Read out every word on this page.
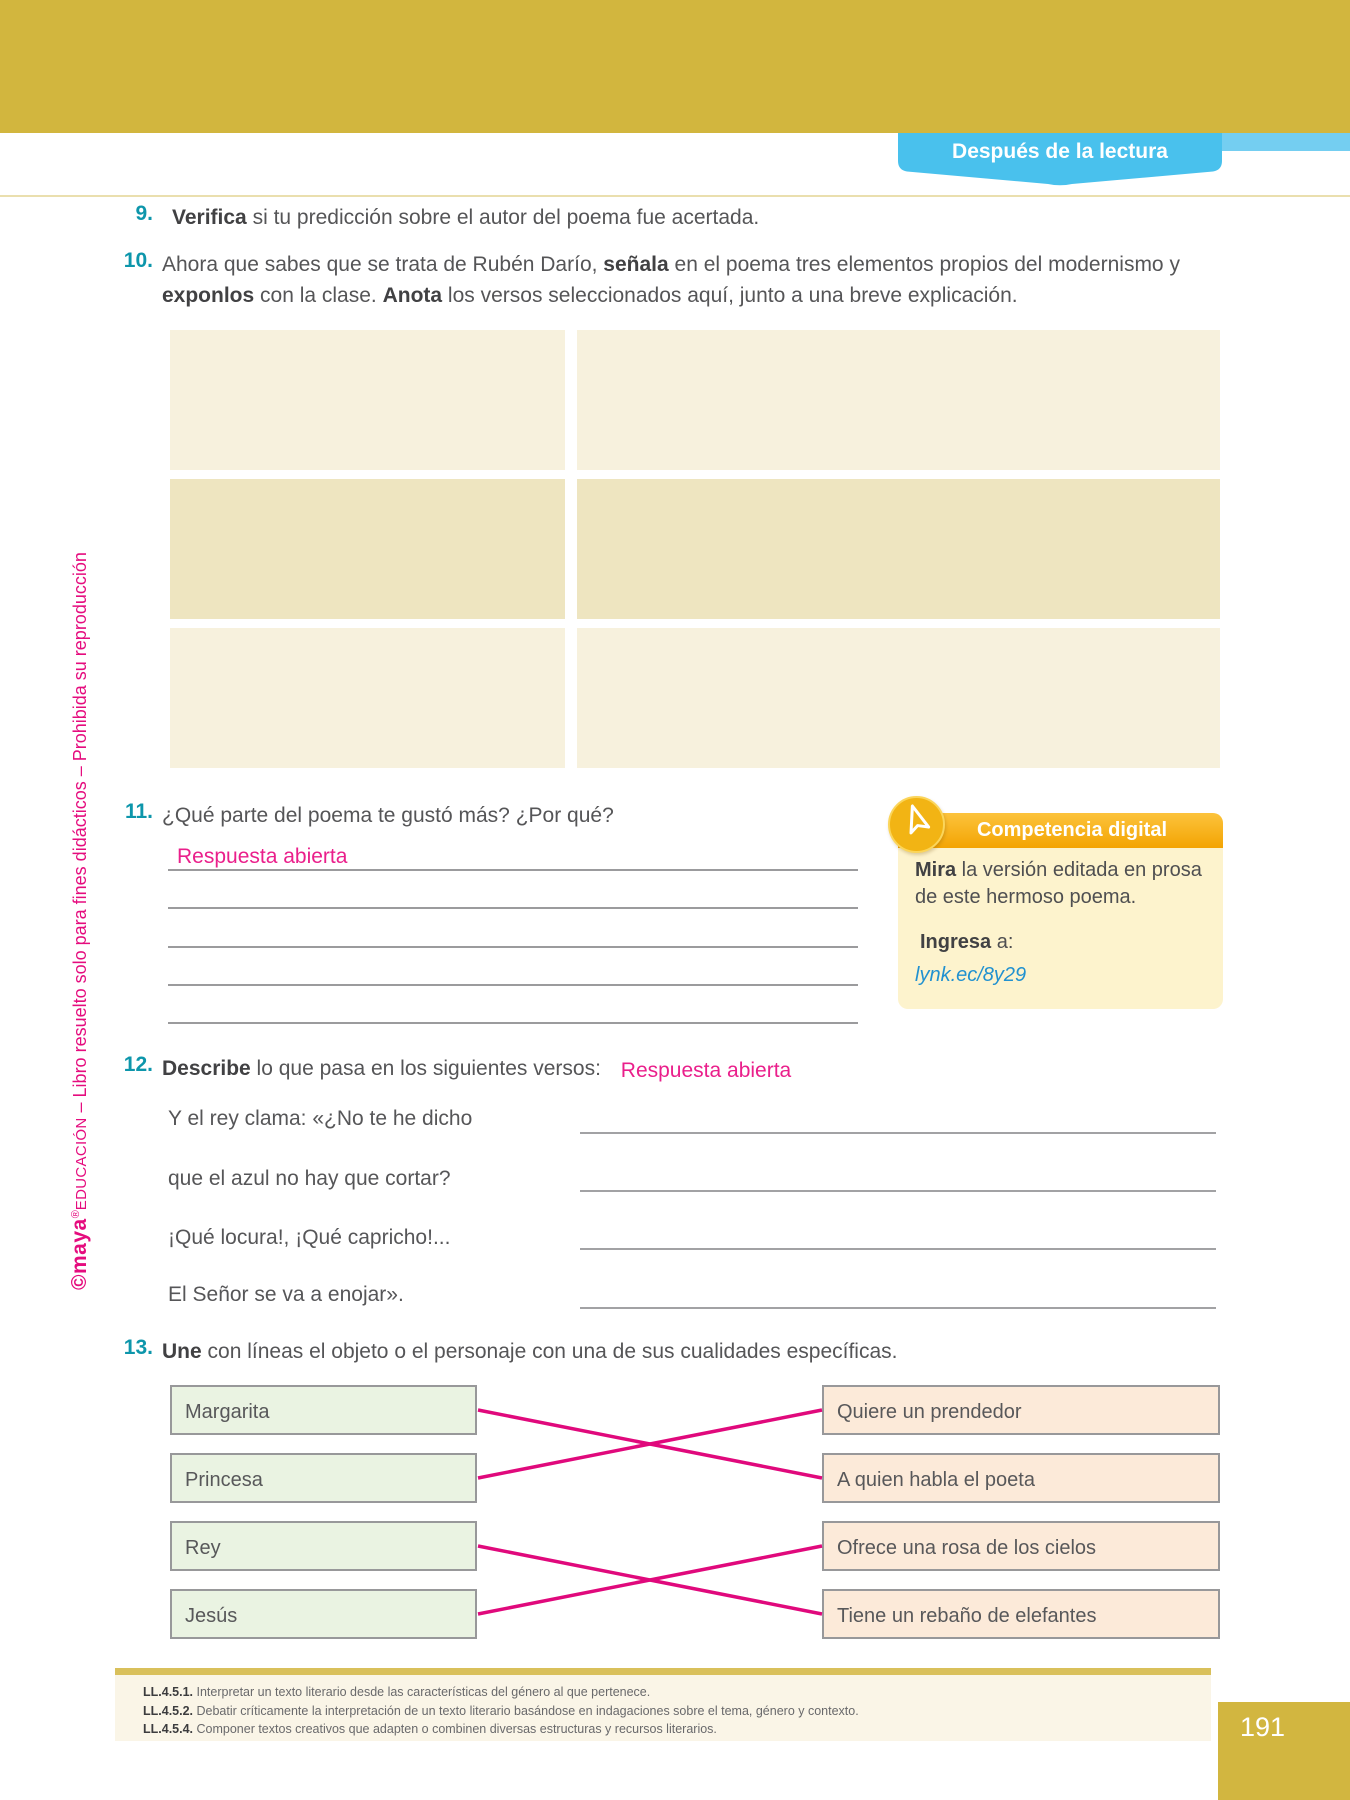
Después de la lectura
©maya®EDUCACIÓN – Libro resuelto solo para fines didácticos – Prohibida su reproducción
9. Verifica si tu predicción sobre el autor del poema fue acertada.
10. Ahora que sabes que se trata de Rubén Darío, señala en el poema tres elementos propios del modernismo y exponlos con la clase. Anota los versos seleccionados aquí, junto a una breve explicación.
11. ¿Qué parte del poema te gustó más? ¿Por qué?
Respuesta abierta
Competencia digital
Mira la versión editada en prosa
de este hermoso poema.
Ingresa a:
lynk.ec/8y29
12. Describe lo que pasa en los siguientes versos: Respuesta abierta
Y el rey clama: «¿No te he dicho
que el azul no hay que cortar?
¡Qué locura!, ¡Qué capricho!...
El Señor se va a enojar».
13. Une con líneas el objeto o el personaje con una de sus cualidades específicas.
Margarita
Princesa
Rey
Jesús
Quiere un prendedor
A quien habla el poeta
Ofrece una rosa de los cielos
Tiene un rebaño de elefantes
LL.4.5.1. Interpretar un texto literario desde las características del género al que pertenece.
LL.4.5.2. Debatir críticamente la interpretación de un texto literario basándose en indagaciones sobre el tema, género y contexto.
LL.4.5.4. Componer textos creativos que adapten o combinen diversas estructuras y recursos literarios.	191
